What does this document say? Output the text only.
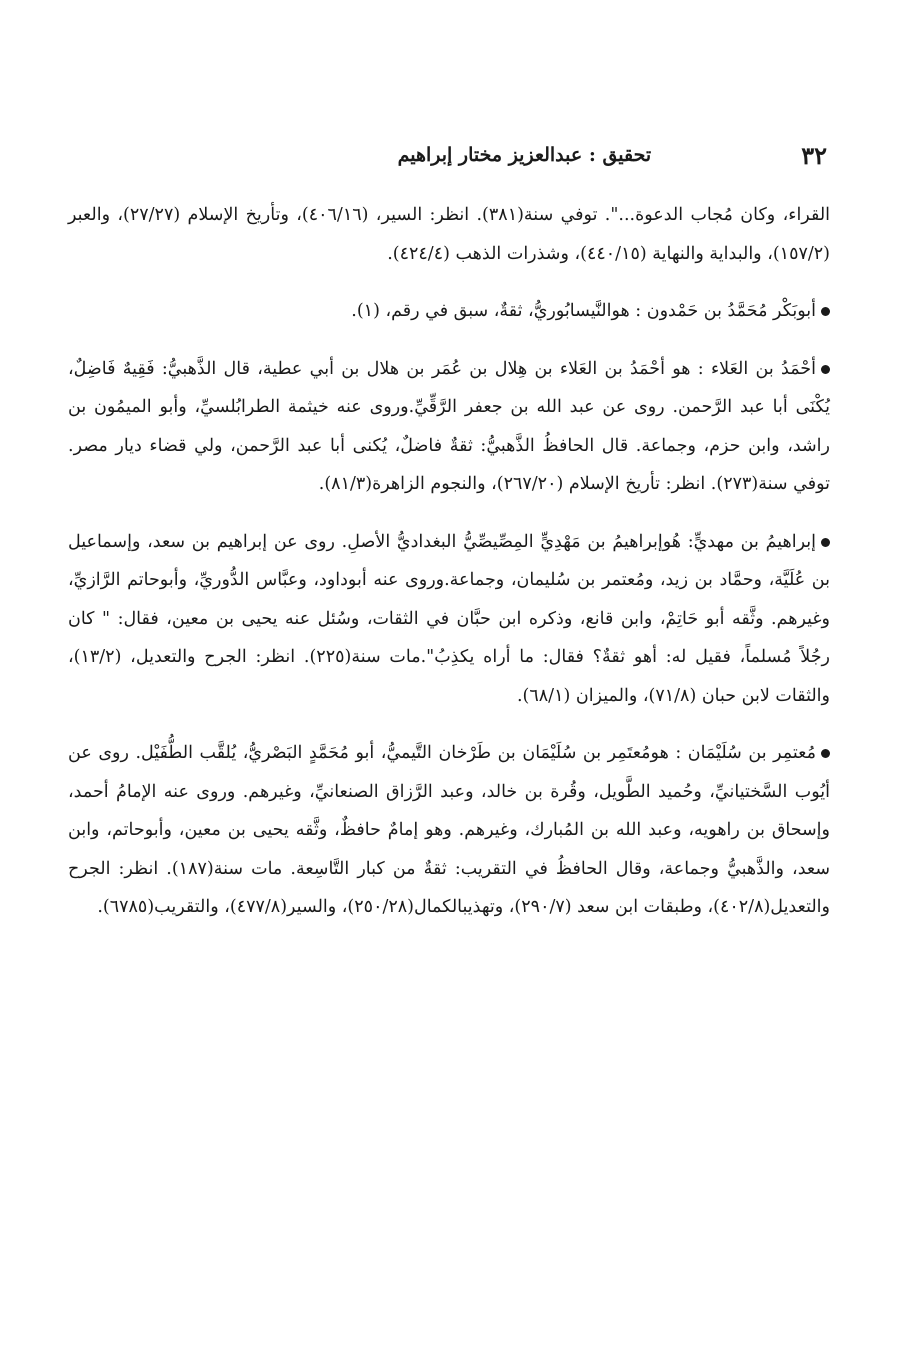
٣٢
تحقيق : عبدالعزيز مختار إبراهيم

القراء، وكان مُجاب الدعوة...". توفي سنة(٣٨١). انظر: السير، (٤٠٦/١٦)، وتأريخ الإسلام (٢٧/٢٧)، والعبر (١٥٧/٢)، والبداية والنهاية (٤٤٠/١٥)، وشذرات الذهب (٤٢٤/٤).

أبوبَكْر مُحَمَّدُ بن حَمْدون : هوالنَّيسابُوريُّ، ثقةٌ، سبق في رقم، (١).

أحْمَدُ بن العَلاء : هو أحْمَدُ بن العَلاء بن هِلال بن عُمَر بن هلال بن أبي عطية، قال الذَّهبيُّ: فَقِيهٌ فَاضِلٌ، يُكْنَى أبا عبد الرَّحمن. روى عن عبد الله بن جعفر الرَّقِّيِّ.وروى عنه خيثمة الطرابُلسيِّ، وأبو الميمُون بن راشد، وابن حزم، وجماعة. قال الحافظُ الذَّهبيُّ: ثقةٌ فاضلٌ، يُكنى أبا عبد الرَّحمن، ولي قضاء ديار مصر. توفي سنة(٢٧٣). انظر: تأريخ الإسلام (٢٦٧/٢٠)، والنجوم الزاهرة(٨١/٣).

إبراهيمُ بن مهديٍّ: هُوإبراهيمُ بن مَهْدِيٍّ المِصِّيصِّيُّ البغداديُّ الأصلِ. روى عن إبراهيم بن سعد، وإسماعيل بن عُلَيَّة، وحمَّاد بن زيد، ومُعتمر بن سُليمان، وجماعة.وروى عنه أبوداود، وعبَّاس الدُّوريِّ، وأبوحاتم الرَّازيِّ، وغيرهم. وثَّقه أبو حَاتِمْ، وابن قانع، وذكره ابن حبَّان في الثقات، وسُئل عنه يحيى بن معين، فقال: " كان رجُلاً مُسلماً، فقيل له: أهو ثقةٌ؟ فقال: ما أراه يكذِبُ".مات سنة(٢٢٥). انظر: الجرح والتعديل، (١٣/٢)، والثقات لابن حبان (٧١/٨)، والميزان (٦٨/١).

مُعتمِر بن سُلَيْمَان : هومُعتَمِر بن سُلَيْمَان بن طَرْخان التَّيميُّ، أبو مُحَمَّدٍ البَصْريُّ، يُلقَّب الطُّفَيْل. روى عن أيُوب السَّختيانيِّ، وحُميد الطَّويل، وقُرة بن خالد، وعبد الرَّزاق الصنعانيِّ، وغيرهم. وروى عنه الإمامُ أحمد، وإسحاق بن راهويه، وعبد الله بن المُبارك، وغيرهم. وهو إمامٌ حافظٌ، وثَّقه يحيى بن معين، وأبوحاتم، وابن سعد، والذَّهبيُّ وجماعة، وقال الحافظُ في التقريب: ثقةٌ من كبار التَّاسِعة. مات سنة(١٨٧). انظر: الجرح والتعديل(٤٠٢/٨)، وطبقات ابن سعد (٢٩٠/٧)، وتهذيبالكمال(٢٥٠/٢٨)، والسير(٤٧٧/٨)، والتقريب(٦٧٨٥).
